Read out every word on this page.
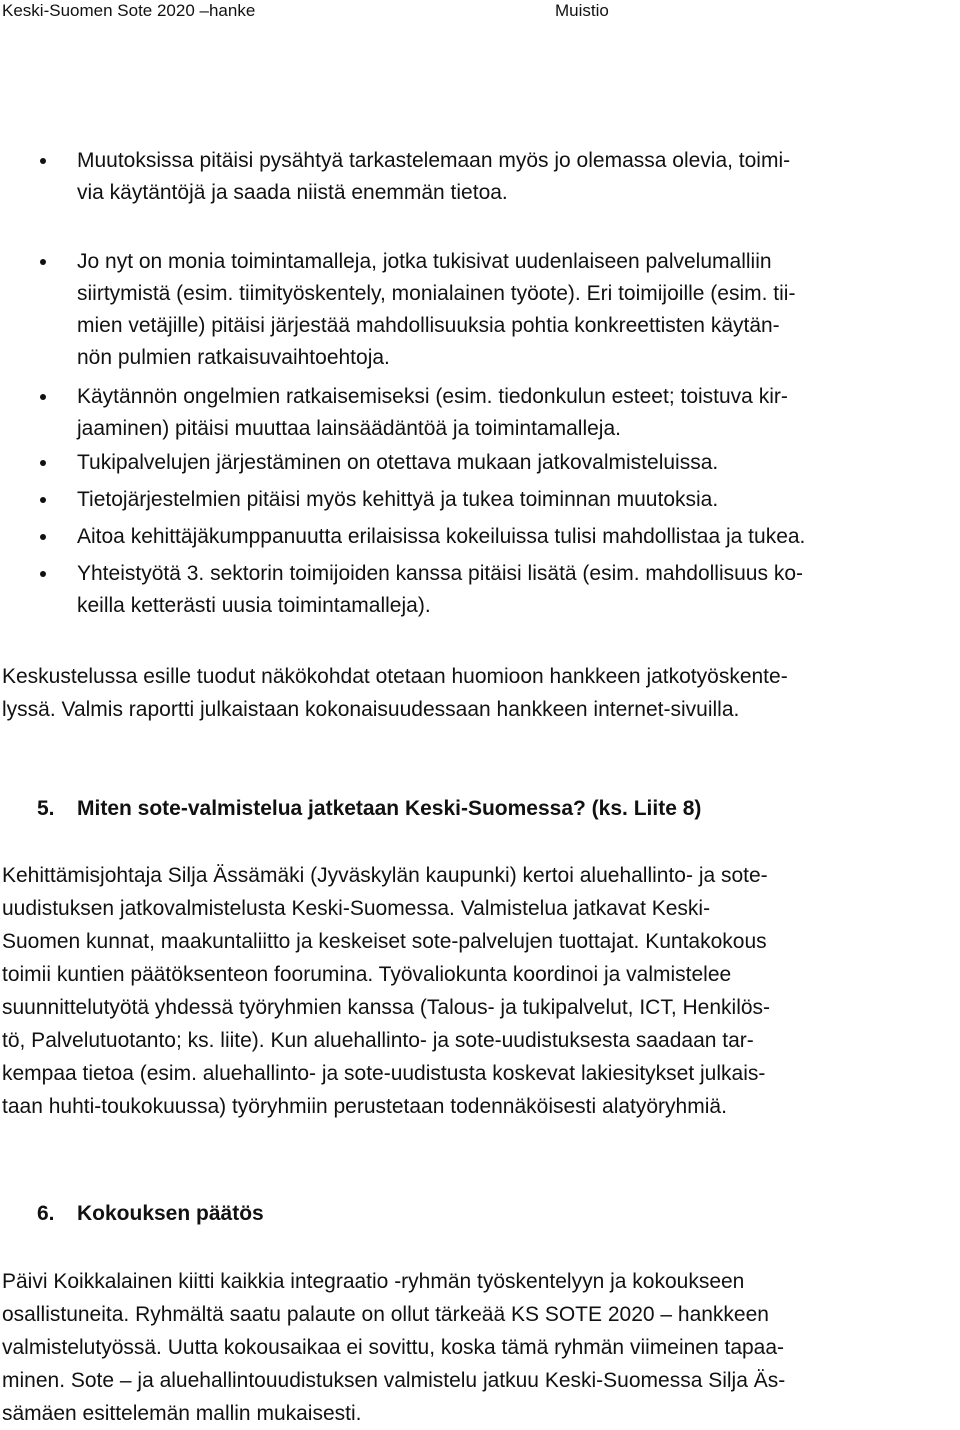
Keski-Suomen Sote 2020 –hanke	Muistio
Muutoksissa pitäisi pysähtyä tarkastelemaan myös jo olemassa olevia, toimi-
via käytäntöjä ja saada niistä enemmän tietoa.
Jo nyt on monia toimintamalleja, jotka tukisivat uudenlaiseen palvelumalliin
siirtymistä (esim. tiimityöskentely, monialainen työote). Eri toimijoille (esim. tii-
mien vetäjille) pitäisi järjestää mahdollisuuksia pohtia konkreettisten käytän-
nön pulmien ratkaisuvaihtoehtoja.
Käytännön ongelmien ratkaisemiseksi (esim. tiedonkulun esteet; toistuva kir-
jaaminen) pitäisi muuttaa lainsäädäntöä ja toimintamalleja.
Tukipalvelujen järjestäminen on otettava mukaan jatkovalmisteluissa.
Tietojärjestelmien pitäisi myös kehittyä ja tukea toiminnan muutoksia.
Aitoa kehittäjäkumppanuutta erilaisissa kokeiluissa tulisi mahdollistaa ja tukea.
Yhteistyötä 3. sektorin toimijoiden kanssa pitäisi lisätä (esim. mahdollisuus ko-
keilla ketterästi uusia toimintamalleja).

Keskustelussa esille tuodut näkökohdat otetaan huomioon hankkeen jatkotyöskente-
lyssä. Valmis raportti julkaistaan kokonaisuudessaan hankkeen internet-sivuilla.

5. Miten sote-valmistelua jatketaan Keski-Suomessa? (ks. Liite 8)

Kehittämisjohtaja Silja Ässämäki (Jyväskylän kaupunki) kertoi aluehallinto- ja sote-
uudistuksen jatkovalmistelusta Keski-Suomessa. Valmistelua jatkavat Keski-
Suomen kunnat, maakuntaliitto ja keskeiset sote-palvelujen tuottajat. Kuntakokous
toimii kuntien päätöksenteon foorumina. Työvaliokunta koordinoi ja valmistelee
suunnittelutyötä yhdessä työryhmien kanssa (Talous- ja tukipalvelut, ICT, Henkilös-
tö, Palvelutuotanto; ks. liite). Kun aluehallinto- ja sote-uudistuksesta saadaan tar-
kempaa tietoa (esim. aluehallinto- ja sote-uudistusta koskevat lakiesitykset julkais-
taan huhti-toukokuussa) työryhmiin perustetaan todennäköisesti alatyöryhmiä.

6. Kokouksen päätös

Päivi Koikkalainen kiitti kaikkia integraatio -ryhmän työskentelyyn ja kokoukseen
osallistuneita. Ryhmältä saatu palaute on ollut tärkeää KS SOTE 2020 – hankkeen
valmistelutyössä. Uutta kokousaikaa ei sovittu, koska tämä ryhmän viimeinen tapaa-
minen. Sote – ja aluehallintouudistuksen valmistelu jatkuu Keski-Suomessa Silja Äs-
sämäen esittelemän mallin mukaisesti.
